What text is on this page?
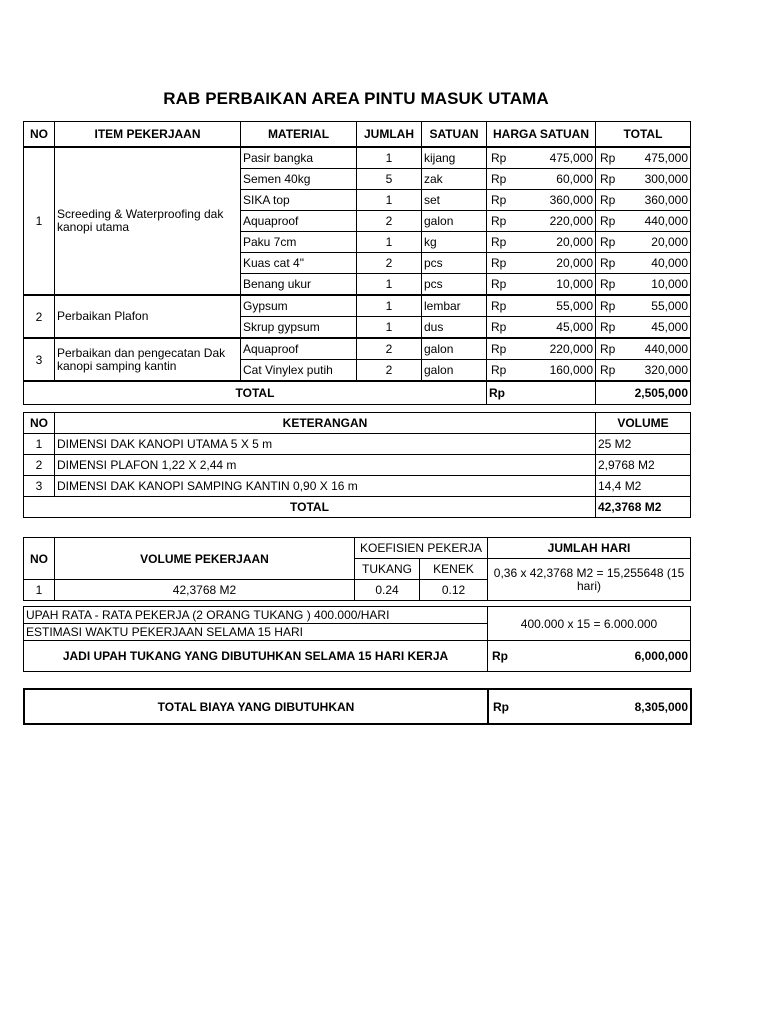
RAB PERBAIKAN AREA PINTU MASUK UTAMA
NO	ITEM PEKERJAAN	MATERIAL	JUMLAH	SATUAN	HARGA SATUAN	TOTAL
1	Screeding & Waterproofing dak kanopi utama	Pasir bangka	1	kijang	Rp 475,000	Rp 475,000

		Semen 40kg	5	zak	Rp 60,000	Rp 300,000

		SIKA top	1	set	Rp 360,000	Rp 360,000

		Aquaproof	2	galon	Rp 220,000	Rp 440,000

		Paku 7cm	1	kg	Rp 20,000	Rp 20,000

		Kuas cat 4"	2	pcs	Rp 20,000	Rp 40,000

		Benang ukur	1	pcs	Rp 10,000	Rp 10,000

2	Perbaikan Plafon	Gypsum	1	lembar	Rp 55,000	Rp 55,000

		Skrup gypsum	1	dus	Rp 45,000	Rp 45,000

3	Perbaikan dan pengecatan Dak kanopi samping kantin	Aquaproof	2	galon	Rp 220,000	Rp 440,000

		Cat Vinylex putih	2	galon	Rp 160,000	Rp 320,000

TOTAL					Rp	2,505,000
NO	KETERANGAN	VOLUME
1	DIMENSI DAK KANOPI UTAMA 5 X 5 m	25 M2
2	DIMENSI PLAFON 1,22 X 2,44 m	2,9768 M2
3	DIMENSI DAK KANOPI SAMPING KANTIN 0,90 X 16 m	14,4 M2
TOTAL		42,3768 M2
NO	VOLUME PEKERJAAN	KOEFISIEN PEKERJA		JUMLAH HARI
		TUKANG	KENEK	0,36 x 42,3768 M2 = 15,255648 (15 hari)
1	42,3768 M2	0.24	0.12	
UPAH RATA - RATA PEKERJA (2 ORANG TUKANG ) 400.000/HARI	400.000 x 15 = 6.000.000
ESTIMASI WAKTU PEKERJAAN SELAMA 15 HARI	
JADI UPAH TUKANG YANG DIBUTUHKAN SELAMA 15 HARI KERJA	Rp 6,000,000
TOTAL BIAYA YANG DIBUTUHKAN	Rp	8,305,000
